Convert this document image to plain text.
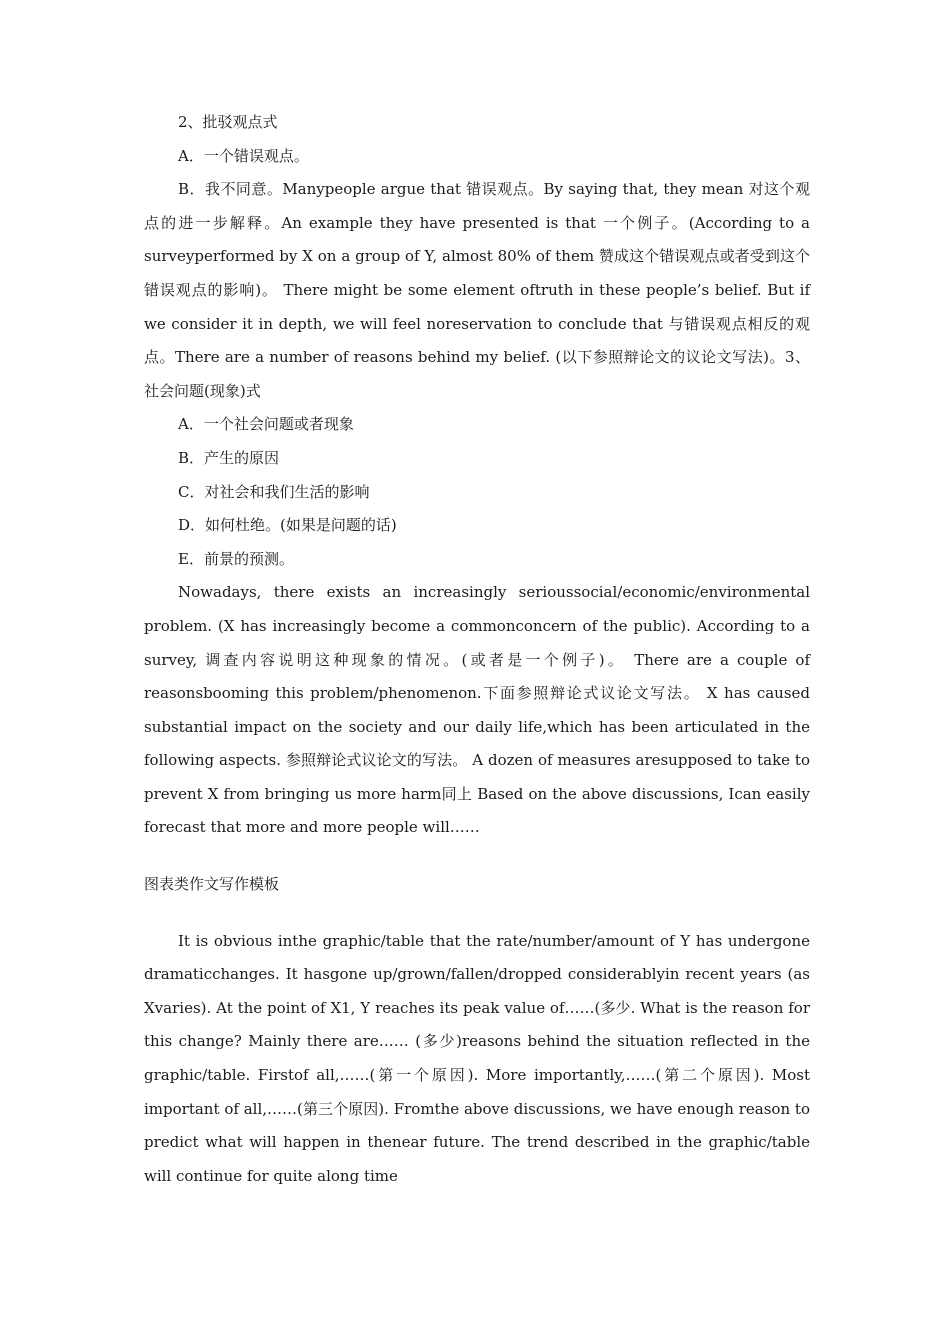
2、批驳观点式

A．一个错误观点。

B．我不同意。Manypeople argue that 错误观点。By saying that, they mean 对这个观点的进一步解释。An example they have presented is that 一个例子。(According to a surveyperformed by X on a group of Y, almost 80% of them 赞成这个错误观点或者受到这个错误观点的影响)。 There might be some element oftruth in these people’s belief. But if we consider it in depth, we will feel noreservation to conclude that 与错误观点相反的观点。There are a number of reasons behind my belief. (以下参照辩论文的议论文写法)。3、社会问题(现象)式

A．一个社会问题或者现象

B．产生的原因

C．对社会和我们生活的影响

D．如何杜绝。(如果是问题的话)

E．前景的预测。

Nowadays, there exists an increasingly serioussocial/economic/environmental problem. (X has increasingly become a commonconcern of the public). According to a survey, 调查内容说明这种现象的情况。(或者是一个例子)。 There are a couple of reasonsbooming this problem/phenomenon.下面参照辩论式议论文写法。 X has caused substantial impact on the society and our daily life,which has been articulated in the following aspects. 参照辩论式议论文的写法。 A dozen of measures aresupposed to take to prevent X from bringing us more harm同上 Based on the above discussions, Ican easily forecast that more and more people will……

图表类作文写作模板

It is obvious inthe graphic/table that the rate/number/amount of Y has undergone dramaticchanges. It hasgone up/grown/fallen/dropped considerablyin recent years (as Xvaries). At the point of X1, Y reaches its peak value of……(多少. What is the reason for this change? Mainly there are…… (多少)reasons behind the situation reflected in the graphic/table. Firstof all,……(第一个原因). More importantly,……(第二个原因). Most important of all,……(第三个原因). Fromthe above discussions, we have enough reason to predict what will happen in thenear future. The trend described in the graphic/table will continue for quite along time
